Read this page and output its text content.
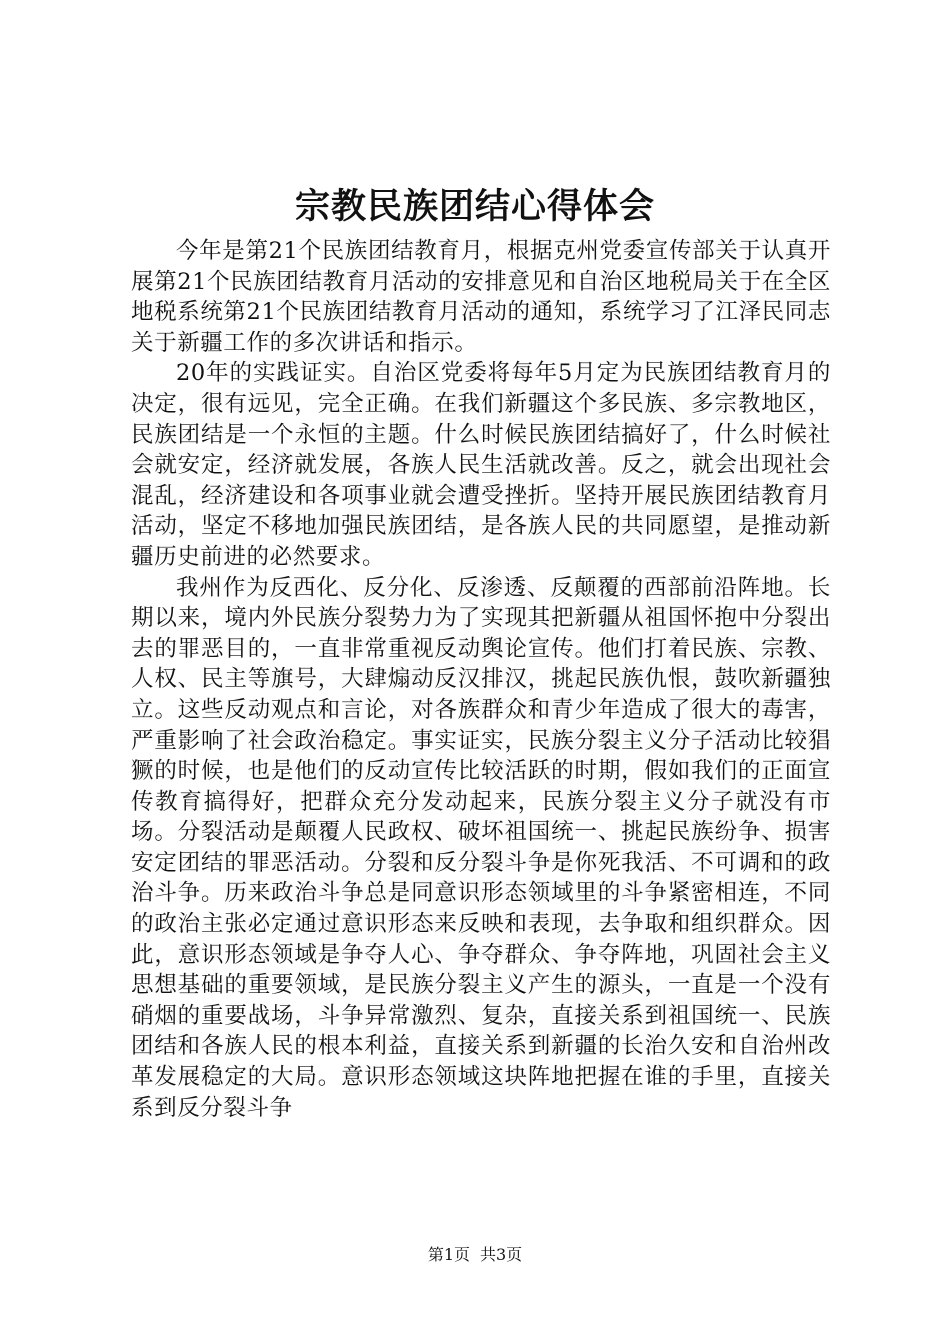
宗教民族团结心得体会

今年是第21个民族团结教育月，根据克州党委宣传部关于认真开展第21个民族团结教育月活动的安排意见和自治区地税局关于在全区地税系统第21个民族团结教育月活动的通知，系统学习了江泽民同志关于新疆工作的多次讲话和指示。

20年的实践证实。自治区党委将每年5月定为民族团结教育月的决定，很有远见，完全正确。在我们新疆这个多民族、多宗教地区，民族团结是一个永恒的主题。什么时候民族团结搞好了，什么时候社会就安定，经济就发展，各族人民生活就改善。反之，就会出现社会混乱，经济建设和各项事业就会遭受挫折。坚持开展民族团结教育月活动，坚定不移地加强民族团结，是各族人民的共同愿望，是推动新疆历史前进的必然要求。

我州作为反西化、反分化、反渗透、反颠覆的西部前沿阵地。长期以来，境内外民族分裂势力为了实现其把新疆从祖国怀抱中分裂出去的罪恶目的，一直非常重视反动舆论宣传。他们打着民族、宗教、人权、民主等旗号，大肆煽动反汉排汉，挑起民族仇恨，鼓吹新疆独立。这些反动观点和言论，对各族群众和青少年造成了很大的毒害，严重影响了社会政治稳定。事实证实，民族分裂主义分子活动比较猖獗的时候，也是他们的反动宣传比较活跃的时期，假如我们的正面宣传教育搞得好，把群众充分发动起来，民族分裂主义分子就没有市场。分裂活动是颠覆人民政权、破坏祖国统一、挑起民族纷争、损害安定团结的罪恶活动。分裂和反分裂斗争是你死我活、不可调和的政治斗争。历来政治斗争总是同意识形态领域里的斗争紧密相连，不同的政治主张必定通过意识形态来反映和表现，去争取和组织群众。因此，意识形态领域是争夺人心、争夺群众、争夺阵地，巩固社会主义思想基础的重要领域，是民族分裂主义产生的源头，一直是一个没有硝烟的重要战场，斗争异常激烈、复杂，直接关系到祖国统一、民族团结和各族人民的根本利益，直接关系到新疆的长治久安和自治州改革发展稳定的大局。意识形态领域这块阵地把握在谁的手里，直接关系到反分裂斗争

第1页 共3页
